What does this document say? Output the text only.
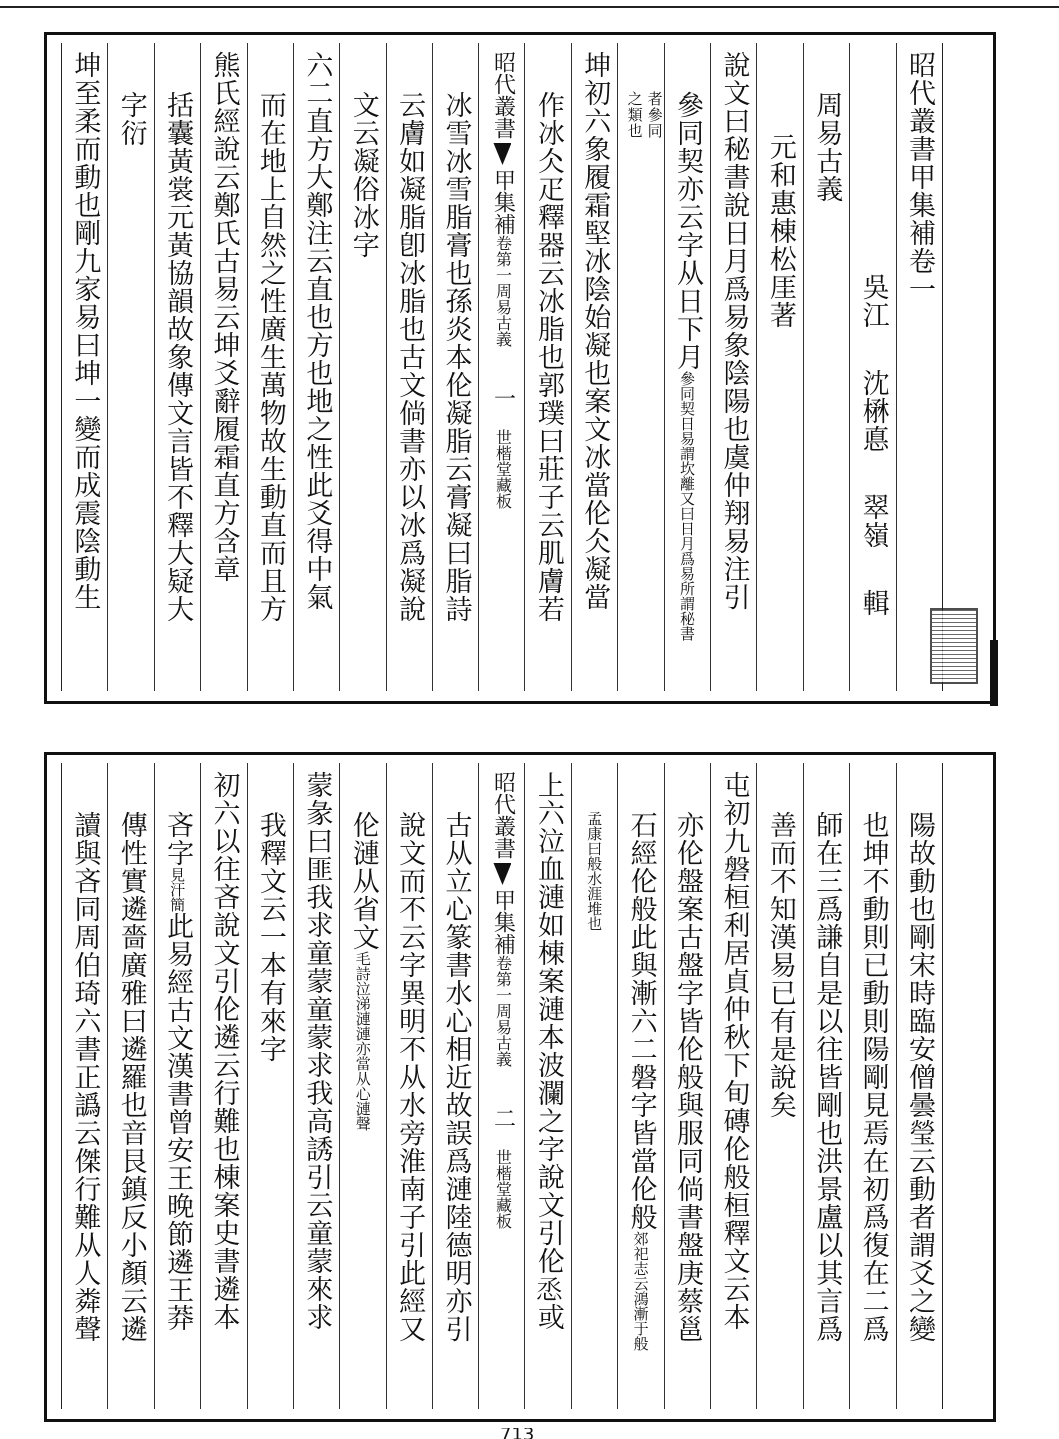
昭代叢書甲集補卷一
吳江沈楙悳翠嶺輯
周易古義
元和惠棟松厓著
說文曰秘書說日月爲易象陰陽也虞仲翔易注引
參同契亦云字从日下月參同契日易謂坎離又曰日月爲易所謂秘書
者參同
之類也
坤初六象履霜堅冰陰始凝也案文冰當伦仌凝當
作冰仌疋釋器云冰脂也郭璞曰莊子云肌膚若
昭代叢書甲集補卷第一周易古義一世楷堂藏板
冰雪冰雪脂膏也孫炎本伦凝脂云膏凝曰脂詩
云膚如凝脂卽冰脂也古文倘書亦以冰爲凝說
文云凝俗冰字
六二直方大鄭注云直也方也地之性此爻得中氣
而在地上自然之性廣生萬物故生動直而且方
熊氏經說云鄭氏古易云坤爻辭履霜直方含章
括囊黃裳元黃協韻故象傳文言皆不釋大疑大
字衍
坤至柔而動也剛九家易曰坤一變而成震陰動生
陽故動也剛宋時臨安僧曇瑩云動者謂爻之變
也坤不動則已動則陽剛見焉在初爲復在二爲
師在三爲謙自是以往皆剛也洪景盧以其言爲
善而不知漢易已有是說矣
屯初九磐桓利居貞仲秋下旬磚伦般桓釋文云本
亦伦盤案古盤字皆伦般與服同倘書盤庚蔡邕
石經伦般此與漸六二磐字皆當伦般郊祀志云鴻漸于般
孟康曰般水涯堆也
上六泣血漣如棟案漣本波瀾之字說文引伦𢙎或
昭代叢書甲集補卷第一周易古義二世楷堂藏板
古从立心篆書水心相近故誤爲漣陸德明亦引
說文而不云字異明不从水旁淮南子引此經又
伦漣从省文毛詩泣涕漣漣亦當从心漣聲
蒙彖曰匪我求童蒙童蒙求我高誘引云童蒙來求
我釋文云一本有來字
初六以往吝說文引伦遴云行難也棟案史書遴本
吝字見汗簡此易經古文漢書曾安王晚節遴王莽
傳性實遴嗇廣雅曰遴羅也音艮鎮反小顏云遴
讀與吝同周伯琦六書正譌云傑行難从人粦聲
713
